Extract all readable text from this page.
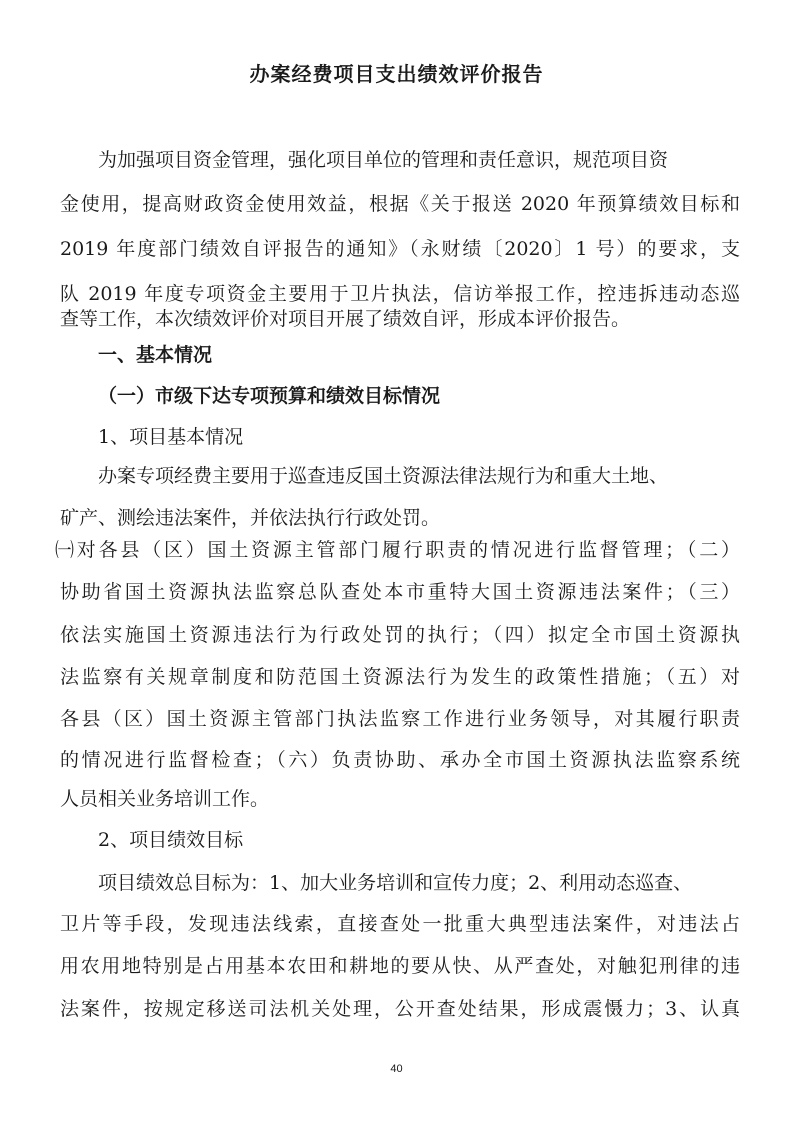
办案经费项目支出绩效评价报告
为加强项目资金管理，强化项目单位的管理和责任意识，规范项目资
金使用，提高财政资金使用效益，根据《关于报送 2020 年预算绩效目标和
2019 年度部门绩效自评报告的通知》（永财绩〔2020〕1 号）的要求，支
队 2019 年度专项资金主要用于卫片执法，信访举报工作，控违拆违动态巡
查等工作，本次绩效评价对项目开展了绩效自评，形成本评价报告。
一、基本情况
（一）市级下达专项预算和绩效目标情况
1、项目基本情况
办案专项经费主要用于巡查违反国土资源法律法规行为和重大土地、
矿产、测绘违法案件，并依法执行行政处罚。
㈠对各县（区）国土资源主管部门履行职责的情况进行监督管理；（二）
协助省国土资源执法监察总队查处本市重特大国土资源违法案件；（三）
依法实施国土资源违法行为行政处罚的执行；（四）拟定全市国土资源执
法监察有关规章制度和防范国土资源法行为发生的政策性措施；（五）对
各县（区）国土资源主管部门执法监察工作进行业务领导，对其履行职责
的情况进行监督检查；（六）负责协助、承办全市国土资源执法监察系统
人员相关业务培训工作。
2、项目绩效目标
项目绩效总目标为：1、加大业务培训和宣传力度；2、利用动态巡查、
卫片等手段，发现违法线索，直接查处一批重大典型违法案件，对违法占
用农用地特别是占用基本农田和耕地的要从快、从严查处，对触犯刑律的违
法案件，按规定移送司法机关处理，公开查处结果，形成震慑力；3、认真
40
